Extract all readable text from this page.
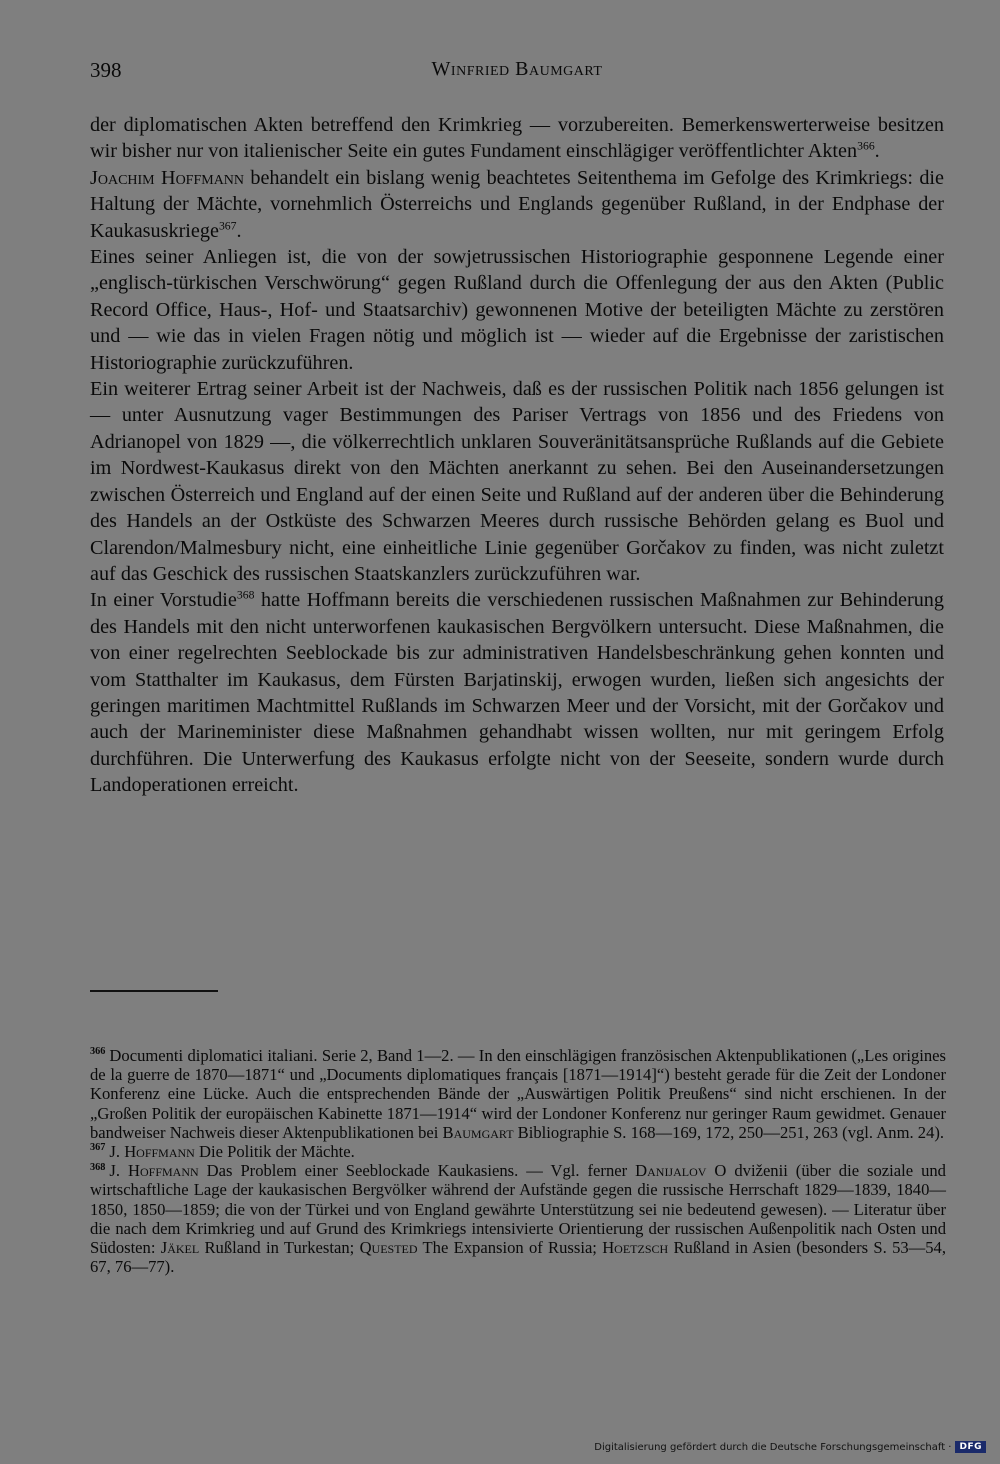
398	Winfried Baumgart

der diplomatischen Akten betreffend den Krimkrieg — vorzubereiten. Bemerkenswerterweise besitzen wir bisher nur von italienischer Seite ein gutes Fundament einschlägiger veröffentlichter Akten$^{366}$.

Joachim Hoffmann behandelt ein bislang wenig beachtetes Seitenthema im Gefolge des Krimkriegs: die Haltung der Mächte, vornehmlich Österreichs und Englands gegenüber Rußland, in der Endphase der Kaukasuskriege$^{367}$.

Eines seiner Anliegen ist, die von der sowjetrussischen Historiographie gesponnene Legende einer „englisch-türkischen Verschwörung“ gegen Rußland durch die Offenlegung der aus den Akten (Public Record Office, Haus-, Hof- und Staatsarchiv) gewonnenen Motive der beteiligten Mächte zu zerstören und — wie das in vielen Fragen nötig und möglich ist — wieder auf die Ergebnisse der zaristischen Historiographie zurückzuführen.

Ein weiterer Ertrag seiner Arbeit ist der Nachweis, daß es der russischen Politik nach 1856 gelungen ist — unter Ausnutzung vager Bestimmungen des Pariser Vertrags von 1856 und des Friedens von Adrianopel von 1829 —, die völkerrechtlich unklaren Souveränitätsansprüche Rußlands auf die Gebiete im Nordwest-Kaukasus direkt von den Mächten anerkannt zu sehen. Bei den Auseinandersetzungen zwischen Österreich und England auf der einen Seite und Rußland auf der anderen über die Behinderung des Handels an der Ostküste des Schwarzen Meeres durch russische Behörden gelang es Buol und Clarendon/Malmesbury nicht, eine einheitliche Linie gegenüber Gorčakov zu finden, was nicht zuletzt auf das Geschick des russischen Staatskanzlers zurückzuführen war.

In einer Vorstudie$^{368}$ hatte Hoffmann bereits die verschiedenen russischen Maßnahmen zur Behinderung des Handels mit den nicht unterworfenen kaukasischen Bergvölkern untersucht. Diese Maßnahmen, die von einer regelrechten Seeblockade bis zur administrativen Handelsbeschränkung gehen konnten und vom Statthalter im Kaukasus, dem Fürsten Barjatinskij, erwogen wurden, ließen sich angesichts der geringen maritimen Machtmittel Rußlands im Schwarzen Meer und der Vorsicht, mit der Gorčakov und auch der Marineminister diese Maßnahmen gehandhabt wissen wollten, nur mit geringem Erfolg durchführen. Die Unterwerfung des Kaukasus erfolgte nicht von der Seeseite, sondern wurde durch Landoperationen erreicht.

$^{366}$ Documenti diplomatici italiani. Serie 2, Band 1—2. — In den einschlägigen französischen Aktenpublikationen („Les origines de la guerre de 1870—1871“ und „Documents diplomatiques français [1871—1914]“) besteht gerade für die Zeit der Londoner Konferenz eine Lücke. Auch die entsprechenden Bände der „Auswärtigen Politik Preußens“ sind nicht erschienen. In der „Großen Politik der europäischen Kabinette 1871—1914“ wird der Londoner Konferenz nur geringer Raum gewidmet. Genauer bandweiser Nachweis dieser Aktenpublikationen bei Baumgart Bibliographie S. 168—169, 172, 250—251, 263 (vgl. Anm. 24).

$^{367}$ J. Hoffmann Die Politik der Mächte.

$^{368}$ J. Hoffmann Das Problem einer Seeblockade Kaukasiens. — Vgl. ferner Danijalov O dviženii (über die soziale und wirtschaftliche Lage der kaukasischen Bergvölker während der Aufstände gegen die russische Herrschaft 1829—1839, 1840—1850, 1850—1859; die von der Türkei und von England gewährte Unterstützung sei nie bedeutend gewesen). — Literatur über die nach dem Krimkrieg und auf Grund des Krimkriegs intensivierte Orientierung der russischen Außenpolitik nach Osten und Südosten: Jäkel Rußland in Turkestan; Quested The Expansion of Russia; Hoetzsch Rußland in Asien (besonders S. 53—54, 67, 76—77).

Digitalisierung gefördert durch die Deutsche Forschungsgemeinschaft · DFG
